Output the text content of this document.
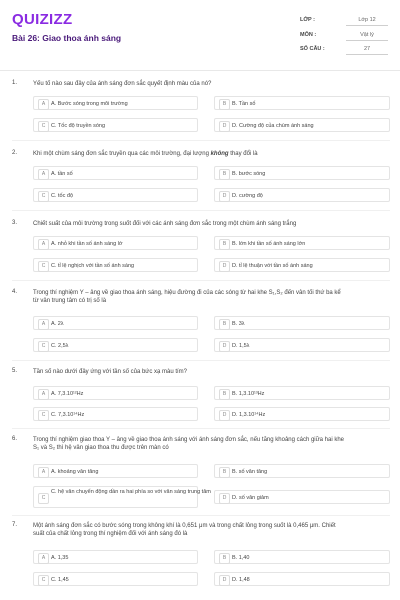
QUIZIZZ
Bài 26: Giao thoa ánh sáng
LỚP :	Lớp 12
MÔN :	Vật lý
SỐ CÂU :	27
1.	Yếu tố nào sau đây của ánh sáng đơn sắc quyết định màu của nó?
A	A. Bước sóng trong môi trường	B	B. Tần số
C	C. Tốc độ truyền sóng	D	D. Cường độ của chùm ánh sáng
2.	Khi một chùm sáng đơn sắc truyền qua các môi trường, đại lượng không thay đổi là
A	A. tần số	B	B. bước sóng
C	C. tốc độ	D	D. cường độ
3.	Chiết suất của môi trường trong suốt đối với các ánh sáng đơn sắc trong một chùm ánh sáng trắng
A	A. nhỏ khi tần số ánh sáng lớ	B	B. lớn khi tần số ánh sáng lớn
C	C. tỉ lệ nghịch với tần số ánh sáng	D	D. tỉ lệ thuận với tần số ánh sáng
4.	Trong thí nghiệm Y – âng về giao thoa ánh sáng, hiệu đường đi của các sóng từ hai khe S₁,S₂ đến vân tối thứ ba kể
từ vân trung tâm có trị số là
A	A. 2λ	B	B. 3λ
C	C. 2,5λ	D	D. 1,5λ
5.	Tần số nào dưới đây ứng với tần số của bức xạ màu tím?
A	A. 7,3.10¹²Hz	B	B. 1,3.10¹³Hz
C	C. 7,3.10¹⁴Hz	D	D. 1,3.10¹⁴Hz
6.	Trong thí nghiệm giao thoa Y – âng về giao thoa ánh sáng với ánh sáng đơn sắc, nếu tăng khoảng cách giữa hai khe
S₁ và S₂ thì hệ vân giao thoa thu được trên màn có
A	A. khoảng vân tăng	B	B. số vân tăng
C
C. hệ vân chuyển động dần ra hai phía so với vân sáng trung tâm
D	D. số vân giảm
7.	Một ánh sáng đơn sắc có bước sóng trong không khí là 0,651 μm và trong chất lỏng trong suốt là 0,465 μm. Chiết
suất của chất lỏng trong thí nghiệm đối với ánh sáng đó là
A	A. 1,35	B	B. 1,40
C	C. 1,45	D	D. 1,48
